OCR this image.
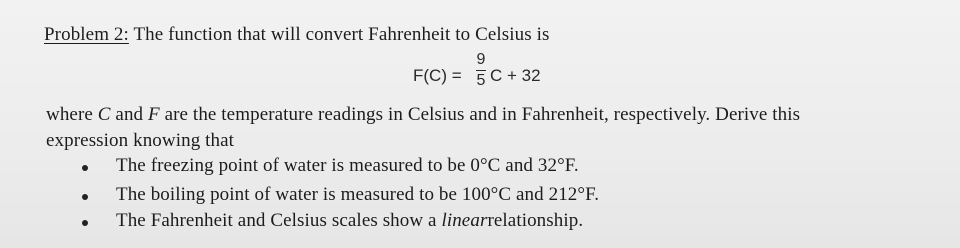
Problem 2: The function that will convert Fahrenheit to Celsius is
F(C) =
9
5 C + 32
where C and F are the temperature readings in Celsius and in Fahrenheit, respectively. Derive this
expression knowing that
The freezing point of water is measured to be 0°C and 32°F.
The boiling point of water is measured to be 100°C and 212°F.
The Fahrenheit and Celsius scales show a linearrelationship.
